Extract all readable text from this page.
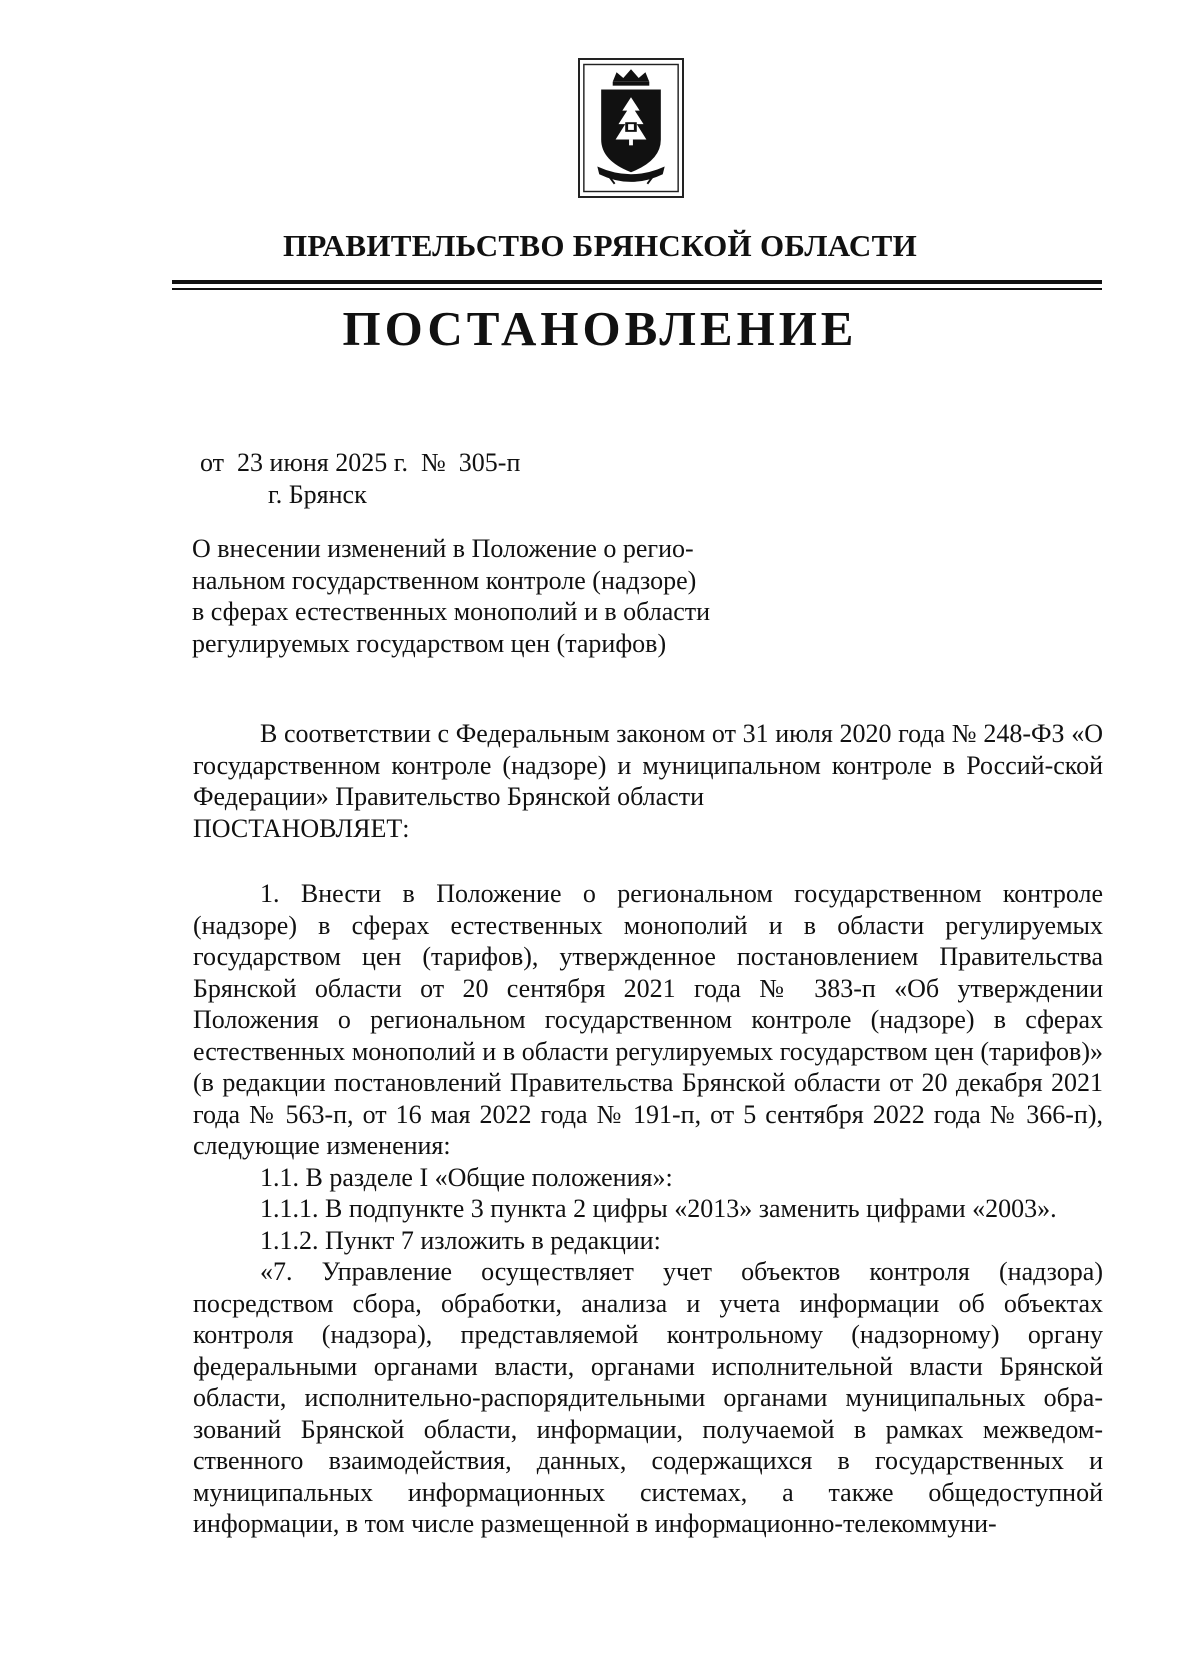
ПРАВИТЕЛЬСТВО БРЯНСКОЙ ОБЛАСТИ
ПОСТАНОВЛЕНИЕ
от 23 июня 2025 г. № 305-п
г. Брянск
О внесении изменений в Положение о регио-
нальном государственном контроле (надзоре)
в сферах естественных монополий и в области
регулируемых государством цен (тарифов)

В соответствии с Федеральным законом от 31 июля 2020 года № 248-ФЗ «О государственном контроле (надзоре) и муниципальном контроле в Россий-ской Федерации» Правительство Брянской области

ПОСТАНОВЛЯЕТ:

1. Внести в Положение о региональном государственном контроле (надзоре) в сферах естественных монополий и в области регулируемых государством цен (тарифов), утвержденное постановлением Правительства Брянской области от 20 сентября 2021 года № 383-п «Об утверждении Положения о региональном государственном контроле (надзоре) в сферах естественных монополий и в области регулируемых государством цен (тарифов)» (в редакции постановлений Правительства Брянской области от 20 декабря 2021 года № 563-п, от 16 мая 2022 года № 191-п, от 5 сентября 2022 года № 366-п), следующие изменения:

1.1. В разделе I «Общие положения»:

1.1.1. В подпункте 3 пункта 2 цифры «2013» заменить цифрами «2003».

1.1.2. Пункт 7 изложить в редакции:

«7. Управление осуществляет учет объектов контроля (надзора) посредством сбора, обработки, анализа и учета информации об объектах контроля (надзора), представляемой контрольному (надзорному) органу федеральными органами власти, органами исполнительной власти Брянской области, исполнительно-распорядительными органами муниципальных обра-зований Брянской области, информации, получаемой в рамках межведом-ственного взаимодействия, данных, содержащихся в государственных и муниципальных информационных системах, а также общедоступной информации, в том числе размещенной в информационно-телекоммуни-
